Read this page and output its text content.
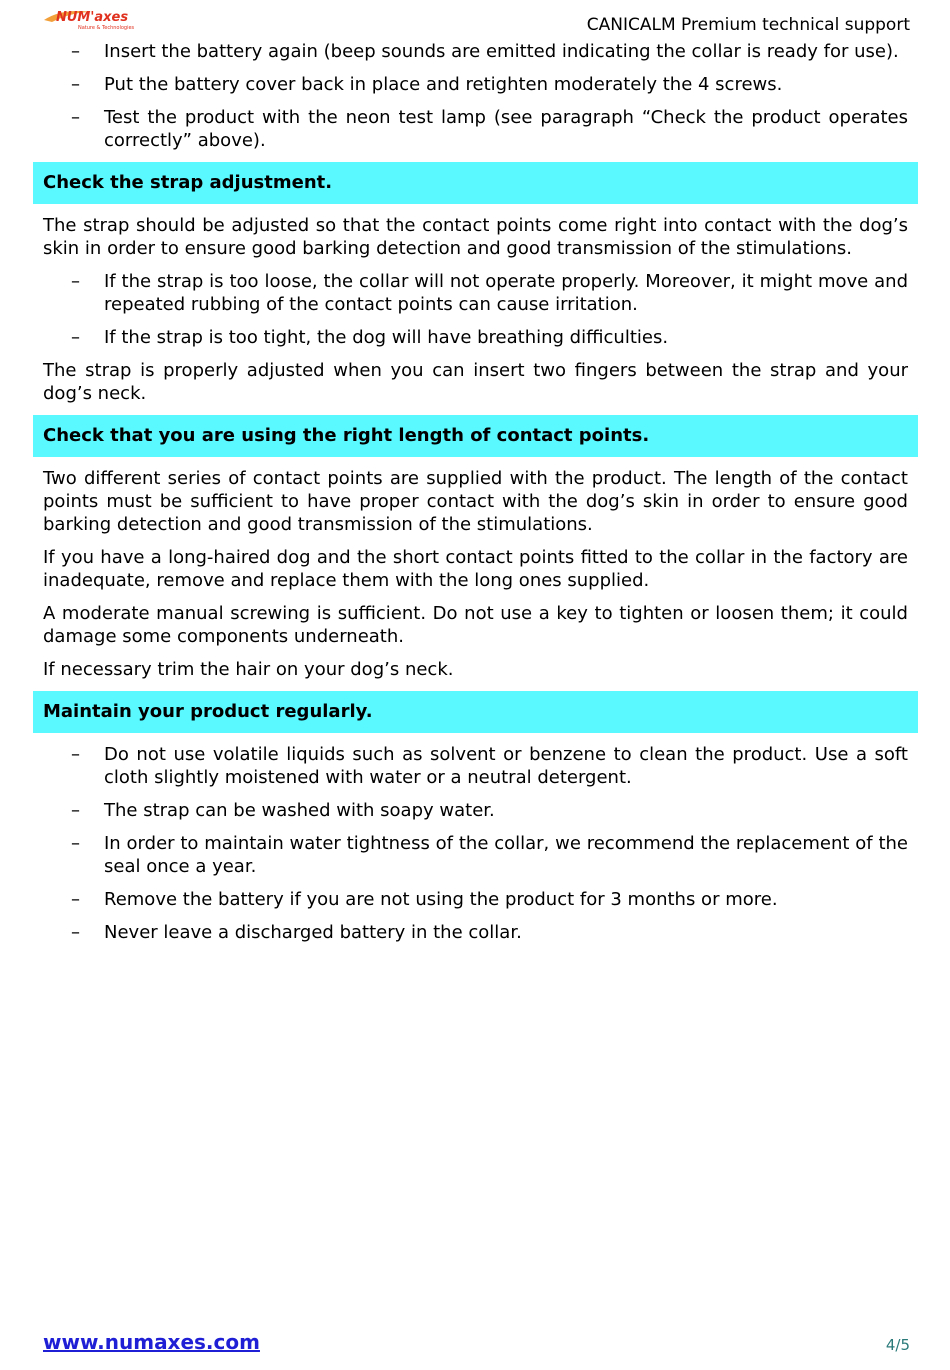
NUM'axes
Nature & Technologies	CANICALM Premium technical support
– Insert the battery again (beep sounds are emitted indicating the collar is ready for use).
– Put the battery cover back in place and retighten moderately the 4 screws.
– Test the product with the neon test lamp (see paragraph “Check the product operates correctly” above).
Check the strap adjustment.

The strap should be adjusted so that the contact points come right into contact with the dog’s skin in order to ensure good barking detection and good transmission of the stimulations.

– If the strap is too loose, the collar will not operate properly. Moreover, it might move and repeated rubbing of the contact points can cause irritation.
– If the strap is too tight, the dog will have breathing difficulties.

The strap is properly adjusted when you can insert two fingers between the strap and your dog’s neck.

Check that you are using the right length of contact points.

Two different series of contact points are supplied with the product. The length of the contact points must be sufficient to have proper contact with the dog’s skin in order to ensure good barking detection and good transmission of the stimulations.

If you have a long-haired dog and the short contact points fitted to the collar in the factory are inadequate, remove and replace them with the long ones supplied.

A moderate manual screwing is sufficient. Do not use a key to tighten or loosen them; it could damage some components underneath.

If necessary trim the hair on your dog’s neck.

Maintain your product regularly.
– Do not use volatile liquids such as solvent or benzene to clean the product. Use a soft cloth slightly moistened with water or a neutral detergent.
– The strap can be washed with soapy water.
– In order to maintain water tightness of the collar, we recommend the replacement of the seal once a year.
– Remove the battery if you are not using the product for 3 months or more.
– Never leave a discharged battery in the collar.
www.numaxes.com	4/5
